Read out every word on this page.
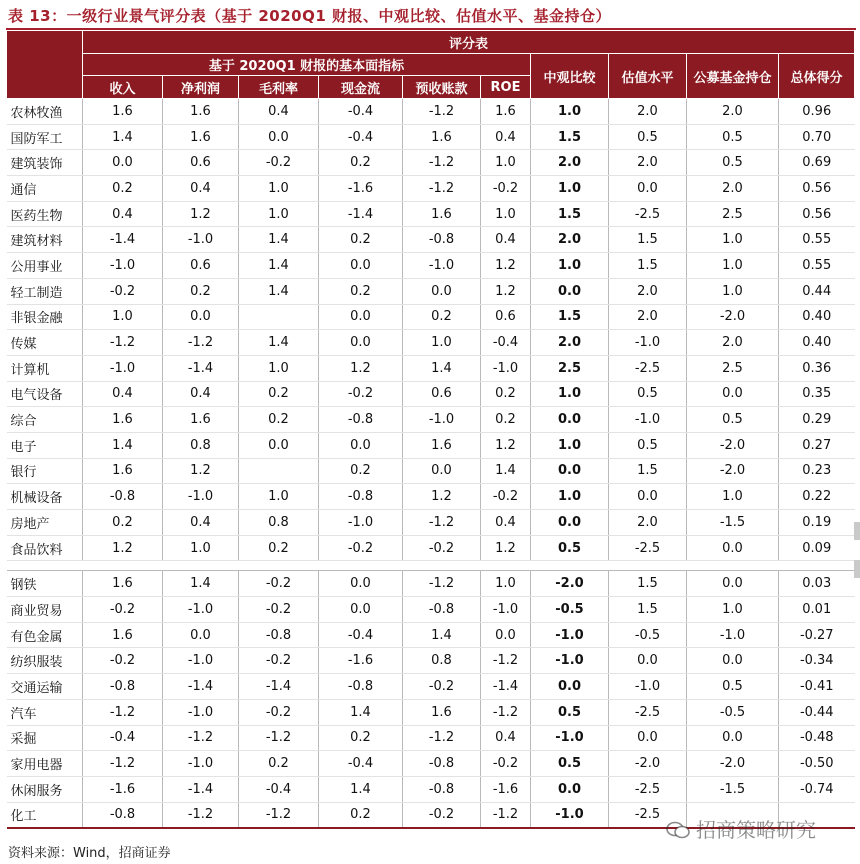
表 13：一级行业景气评分表（基于 2020Q1 财报、中观比较、估值水平、基金持仓）
	评分表									
	基于 2020Q1 财报的基本面指标						中观比较	估值水平	公募基金持仓	总体得分
	收入	净利润	毛利率	现金流	预收账款	ROE				
农林牧渔	1.6	1.6	0.4	-0.4	-1.2	1.6	1.0	2.0	2.0	0.96
国防军工	1.4	1.6	0.0	-0.4	1.6	0.4	1.5	0.5	0.5	0.70
建筑装饰	0.0	0.6	-0.2	0.2	-1.2	1.0	2.0	2.0	0.5	0.69
通信	0.2	0.4	1.0	-1.6	-1.2	-0.2	1.0	0.0	2.0	0.56
医药生物	0.4	1.2	1.0	-1.4	1.6	1.0	1.5	-2.5	2.5	0.56
建筑材料	-1.4	-1.0	1.4	0.2	-0.8	0.4	2.0	1.5	1.0	0.55
公用事业	-1.0	0.6	1.4	0.0	-1.0	1.2	1.0	1.5	1.0	0.55
轻工制造	-0.2	0.2	1.4	0.2	0.0	1.2	0.0	2.0	1.0	0.44
非银金融	1.0	0.0		0.0	0.2	0.6	1.5	2.0	-2.0	0.40
传媒	-1.2	-1.2	1.4	0.0	1.0	-0.4	2.0	-1.0	2.0	0.40
计算机	-1.0	-1.4	1.0	1.2	1.4	-1.0	2.5	-2.5	2.5	0.36
电气设备	0.4	0.4	0.2	-0.2	0.6	0.2	1.0	0.5	0.0	0.35
综合	1.6	1.6	0.2	-0.8	-1.0	0.2	0.0	-1.0	0.5	0.29
电子	1.4	0.8	0.0	0.0	1.6	1.2	1.0	0.5	-2.0	0.27
银行	1.6	1.2		0.2	0.0	1.4	0.0	1.5	-2.0	0.23
机械设备	-0.8	-1.0	1.0	-0.8	1.2	-0.2	1.0	0.0	1.0	0.22
房地产	0.2	0.4	0.8	-1.0	-1.2	0.4	0.0	2.0	-1.5	0.19
食品饮料	1.2	1.0	0.2	-0.2	-0.2	1.2	0.5	-2.5	0.0	0.09

钢铁	1.6	1.4	-0.2	0.0	-1.2	1.0	-2.0	1.5	0.0	0.03
商业贸易	-0.2	-1.0	-0.2	0.0	-0.8	-1.0	-0.5	1.5	1.0	0.01
有色金属	1.6	0.0	-0.8	-0.4	1.4	0.0	-1.0	-0.5	-1.0	-0.27
纺织服装	-0.2	-1.0	-0.2	-1.6	0.8	-1.2	-1.0	0.0	0.0	-0.34
交通运输	-0.8	-1.4	-1.4	-0.8	-0.2	-1.4	0.0	-1.0	0.5	-0.41
汽车	-1.2	-1.0	-0.2	1.4	1.6	-1.2	0.5	-2.5	-0.5	-0.44
采掘	-0.4	-1.2	-1.2	0.2	-1.2	0.4	-1.0	0.0	0.0	-0.48
家用电器	-1.2	-1.0	0.2	-0.4	-0.8	-0.2	0.5	-2.0	-2.0	-0.50
休闲服务	-1.6	-1.4	-0.4	1.4	-0.8	-1.6	0.0	-2.5	-1.5	-0.74
化工	-0.8	-1.2	-1.2	0.2	-0.2	-1.2	-1.0	-2.5		
资料来源：Wind，招商证券
招商策略研究
